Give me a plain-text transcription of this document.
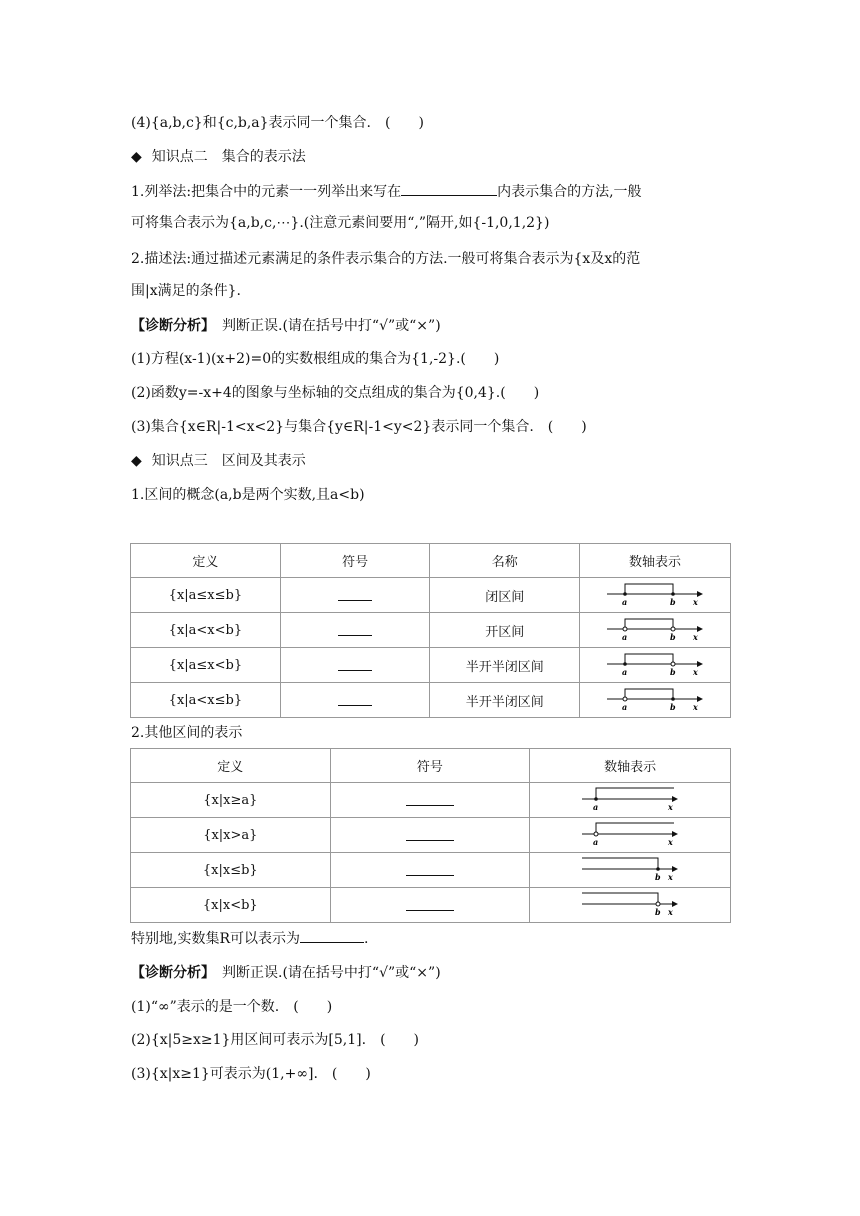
(4){a,b,c}和{c,b,a}表示同一个集合.　(　　)
◆ 知识点二　集合的表示法
1.列举法:把集合中的元素一一列举出来写在	内表示集合的方法,一般
可将集合表示为{a,b,c,⋯}.(注意元素间要用“,”隔开,如{-1,0,1,2})
2.描述法:通过描述元素满足的条件表示集合的方法.一般可将集合表示为{x及x的范
围|x满足的条件}.
【诊断分析】　 判断正误.(请在括号中打“√”或“×”)
(1)方程(x-1)(x+2)=0的实数根组成的集合为{1,-2}.(　　)
(2)函数y=-x+4的图象与坐标轴的交点组成的集合为{0,4}.(　　)
(3)集合{x∈R|-1<x<2}与集合{y∈R|-1<y<2}表示同一个集合.　(　　)
◆ 知识点三　区间及其表示
1.区间的概念(a,b是两个实数,且a<b)
定义	符号	名称	数轴表示
{x|a≤x≤b}		闭区间	a b x

{x|a<x<b}		开区间	a b x

{x|a≤x<b}		半开半闭区间	a b x

{x|a<x≤b}		半开半闭区间	a b x
2.其他区间的表示
定义	符号	数轴表示
{x|x≥a}		a x

{x|x>a}		a x

{x|x≤b}		b x

{x|x<b}		b x
特别地,实数集R可以表示为	.
【诊断分析】　 判断正误.(请在括号中打“√”或“×”)
(1)“∞”表示的是一个数.　(　　)
(2){x|5≥x≥1}用区间可表示为[5,1].　(　　)
(3){x|x≥1}可表示为(1,+∞].　(　　)
